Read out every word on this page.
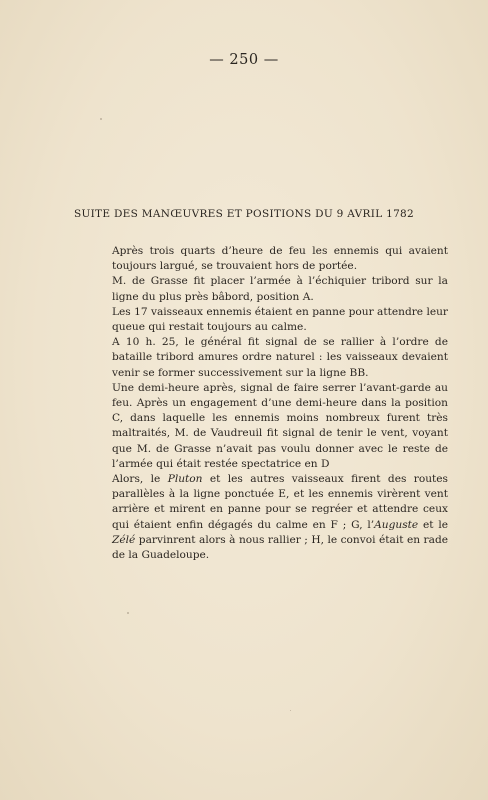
— 250 —
SUITE DES MANŒUVRES ET POSITIONS DU 9 AVRIL 1782

Après trois quarts d’heure de feu les ennemis qui avaient toujours largué, se trouvaient hors de portée.

M. de Grasse fit placer l’armée à l’échiquier tribord sur la ligne du plus près bâbord, position A.

Les 17 vaisseaux ennemis étaient en panne pour attendre leur queue qui restait toujours au calme.

A 10 h. 25, le général fit signal de se rallier à l’ordre de bataille tribord amures ordre naturel : les vaisseaux devaient venir se former successivement sur la ligne BB.

Une demi-heure après, signal de faire serrer l’avant-garde au feu. Après un engagement d’une demi-heure dans la position C, dans laquelle les ennemis moins nombreux furent très maltraités, M. de Vaudreuil fit signal de tenir le vent, voyant que M. de Grasse n’avait pas voulu donner avec le reste de l’armée qui était restée spectatrice en D

Alors, le Pluton et les autres vaisseaux firent des routes parallèles à la ligne ponctuée E, et les ennemis virèrent vent arrière et mirent en panne pour se regréer et attendre ceux qui étaient enfin dégagés du calme en F ; G, l’Auguste et le Zélé parvinrent alors à nous rallier ; H, le convoi était en rade de la Guadeloupe.
